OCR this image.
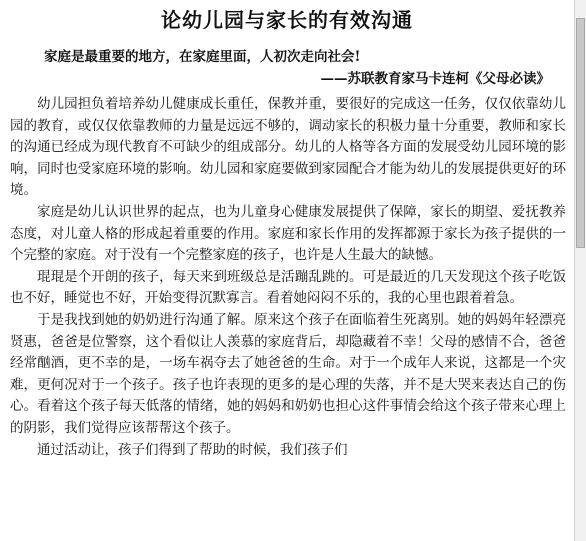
论幼儿园与家长的有效沟通
家庭是最重要的地方，在家庭里面，人初次走向社会!
——苏联教育家马卡连柯《父母必读》

幼儿园担负着培养幼儿健康成长重任，保教并重，要很好的完成这一任务，仅仅依靠幼儿园的教育，或仅仅依靠教师的力量是远远不够的，调动家长的积极力量十分重要，教师和家长的沟通已经成为现代教育不可缺少的组成部分。幼儿的人格等各方面的发展受幼儿园环境的影响，同时也受家庭环境的影响。幼儿园和家庭要做到家园配合才能为幼儿的发展提供更好的环境。

家庭是幼儿认识世界的起点，也为儿童身心健康发展提供了保障，家长的期望、爱抚教养态度，对儿童人格的形成起着重要的作用。家庭和家长作用的发挥都源于家长为孩子提供的一个完整的家庭。对于没有一个完整家庭的孩子，也许是人生最大的缺憾。

琨琨是个开朗的孩子，每天来到班级总是活蹦乱跳的。可是最近的几天发现这个孩子吃饭也不好，睡觉也不好，开始变得沉默寡言。看着她闷闷不乐的，我的心里也跟着着急。

于是我找到她的奶奶进行沟通了解。原来这个孩子在面临着生死离别。她的妈妈年轻漂亮贤惠，爸爸是位警察，这个看似让人羡慕的家庭背后，却隐藏着不幸！父母的感情不合，爸爸经常酗酒，更不幸的是，一场车祸夺去了她爸爸的生命。对于一个成年人来说，这都是一个灾难，更何况对于一个孩子。孩子也许表现的更多的是心理的失落，并不是大哭来表达自己的伤心。看着这个孩子每天低落的情绪，她的妈妈和奶奶也担心这件事情会给这个孩子带来心理上的阴影，我们觉得应该帮帮这个孩子。

通过活动让，孩子们得到了帮助的时候，我们孩子们
